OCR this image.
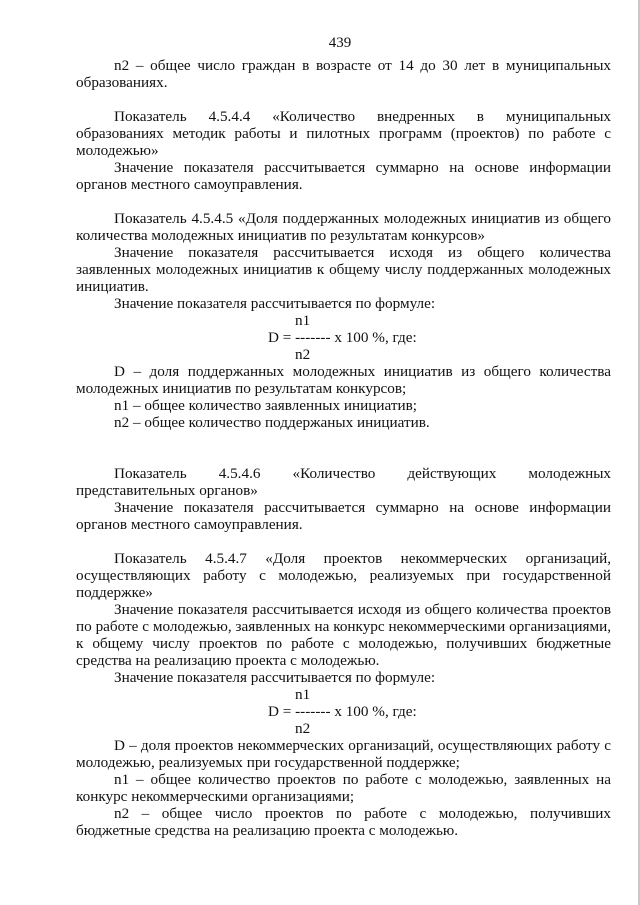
439

n2 – общее число граждан в возрасте от 14 до 30 лет в муниципальных образованиях.

Показатель 4.5.4.4 «Количество внедренных в муниципальных образованиях методик работы и пилотных программ (проектов) по работе с молодежью»

Значение показателя рассчитывается суммарно на основе информации органов местного самоуправления.

Показатель 4.5.4.5 «Доля поддержанных молодежных инициатив из общего количества молодежных инициатив по результатам конкурсов»

Значение показателя рассчитывается исходя из общего количества заявленных молодежных инициатив к общему числу поддержанных молодежных инициатив.

Значение показателя рассчитывается по формуле:

n1
D = ------- х 100 %, где:
n2

D – доля поддержанных молодежных инициатив из общего количества молодежных инициатив по результатам конкурсов;

n1 – общее количество заявленных инициатив;

n2 – общее количество поддержаных инициатив.

Показатель 4.5.4.6 «Количество действующих молодежных представительных органов»

Значение показателя рассчитывается суммарно на основе информации органов местного самоуправления.

Показатель 4.5.4.7 «Доля проектов некоммерческих организаций, осуществляющих работу с молодежью, реализуемых при государственной поддержке»

Значение показателя рассчитывается исходя из общего количества проектов по работе с молодежью, заявленных на конкурс некоммерческими организациями, к общему числу проектов по работе с молодежью, получивших бюджетные средства на реализацию проекта с молодежью.

Значение показателя рассчитывается по формуле:

n1
D = ------- х 100 %, где:
n2

D – доля проектов некоммерческих организаций, осуществляющих работу с молодежью, реализуемых при государственной поддержке;

n1 – общее количество проектов по работе с молодежью, заявленных на конкурс некоммерческими организациями;

n2 – общее число проектов по работе с молодежью, получивших бюджетные средства на реализацию проекта с молодежью.
